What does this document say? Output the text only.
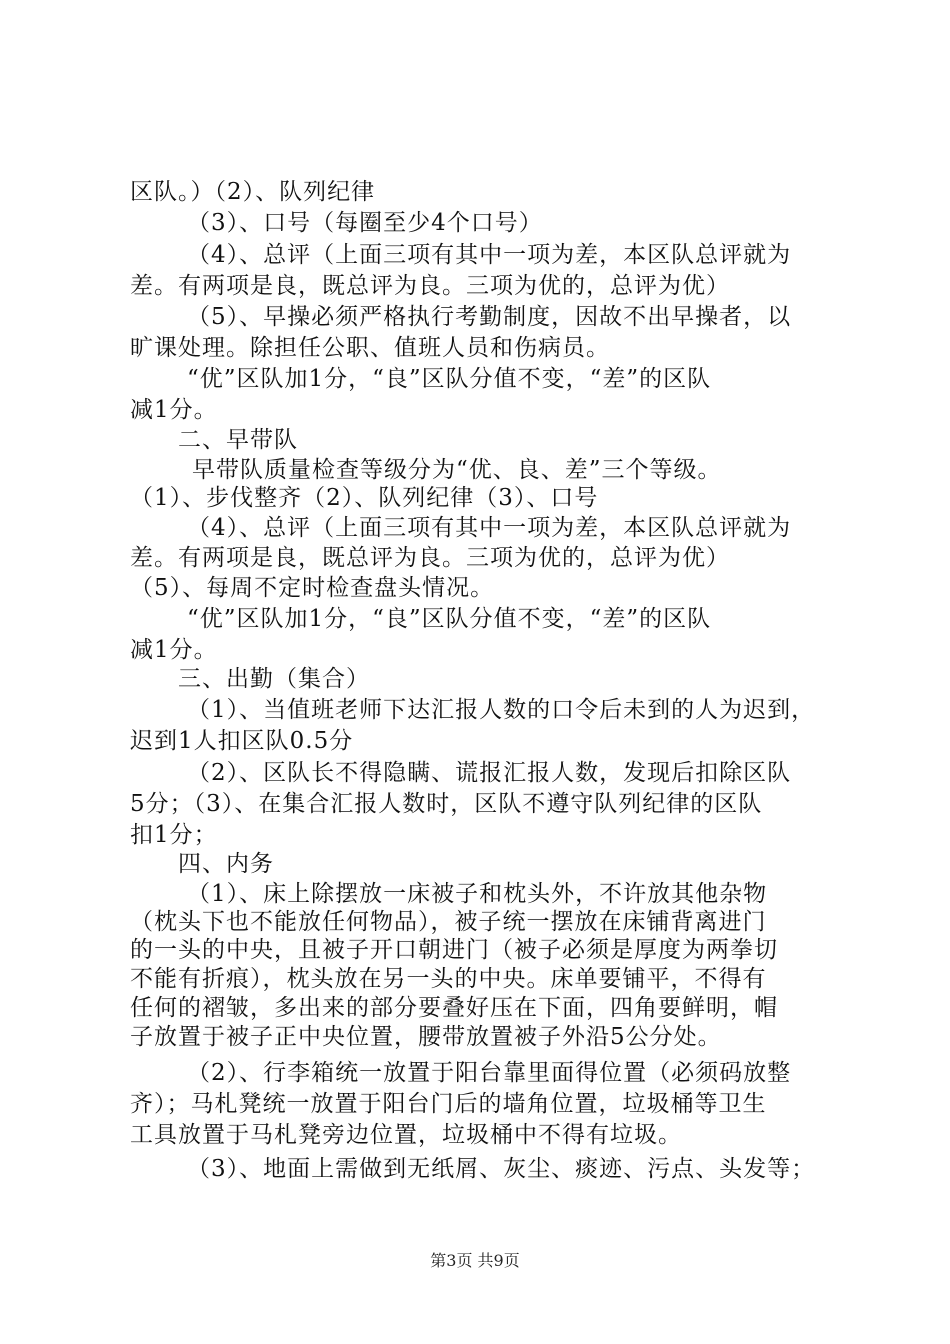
区队。）（2）、队列纪律
（3）、口号（每圈至少4个口号）
（4）、总评（上面三项有其中一项为差，本区队总评就为
差。有两项是良，既总评为良。三项为优的，总评为优）
（5）、早操必须严格执行考勤制度，因故不出早操者，以
旷课处理。除担任公职、值班人员和伤病员。
“优”区队加1分，“良”区队分值不变，“差”的区队
减1分。
二、早带队
早带队质量检查等级分为“优、良、差”三个等级。
（1）、步伐整齐（2）、队列纪律（3）、口号
（4）、总评（上面三项有其中一项为差，本区队总评就为
差。有两项是良，既总评为良。三项为优的，总评为优）
（5）、每周不定时检查盘头情况。
“优”区队加1分，“良”区队分值不变，“差”的区队
减1分。
三、出勤（集合）
（1）、当值班老师下达汇报人数的口令后未到的人为迟到，
迟到1人扣区队0.5分
（2）、区队长不得隐瞒、谎报汇报人数，发现后扣除区队
5分；（3）、在集合汇报人数时，区队不遵守队列纪律的区队
扣1分；
四、内务
（1）、床上除摆放一床被子和枕头外，不许放其他杂物
（枕头下也不能放任何物品），被子统一摆放在床铺背离进门
的一头的中央，且被子开口朝进门（被子必须是厚度为两拳切
不能有折痕），枕头放在另一头的中央。床单要铺平，不得有
任何的褶皱，多出来的部分要叠好压在下面，四角要鲜明，帽
子放置于被子正中央位置，腰带放置被子外沿5公分处。
（2）、行李箱统一放置于阳台靠里面得位置（必须码放整
齐）；马札凳统一放置于阳台门后的墙角位置，垃圾桶等卫生
工具放置于马札凳旁边位置，垃圾桶中不得有垃圾。
（3）、地面上需做到无纸屑、灰尘、痰迹、污点、头发等；
第3页 共9页
